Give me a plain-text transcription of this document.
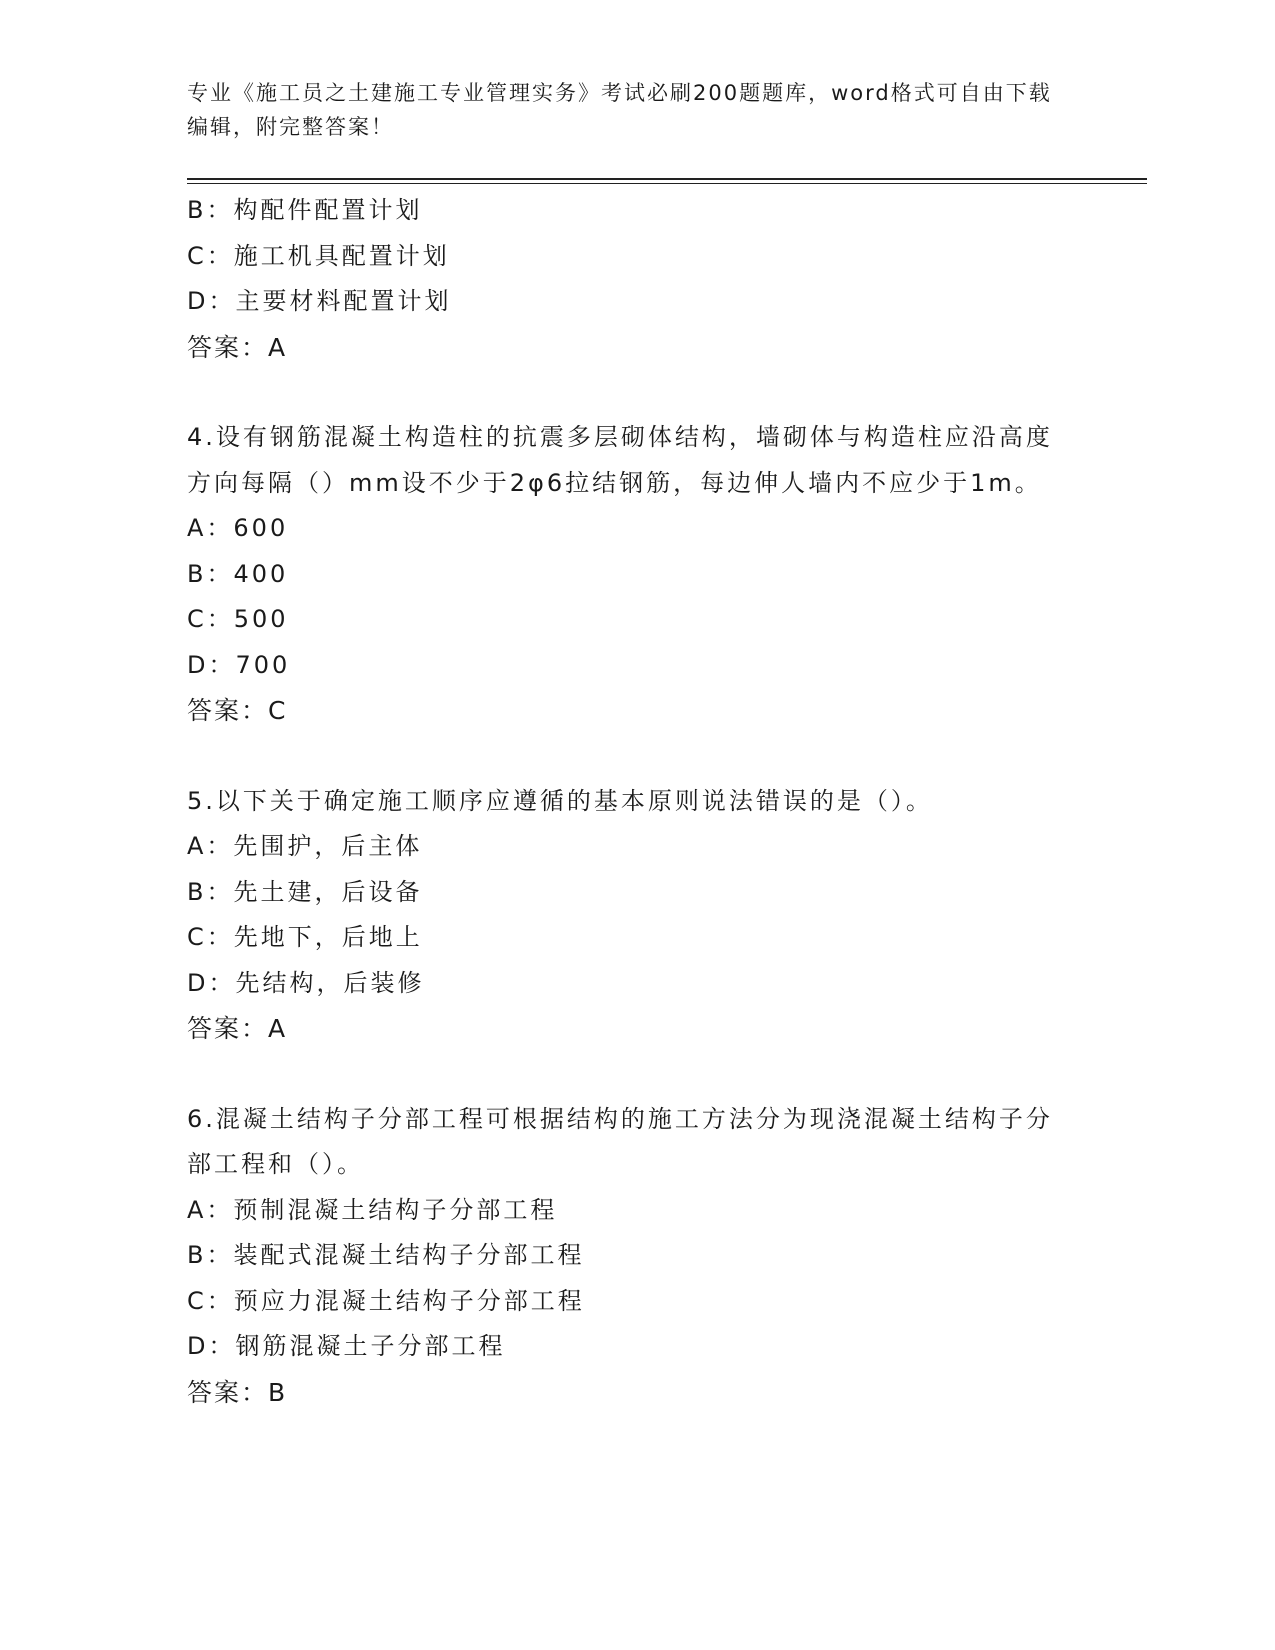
专业《施工员之土建施工专业管理实务》考试必刷200题题库，word格式可自由下载编辑，附完整答案！
B：构配件配置计划
C：施工机具配置计划
D：主要材料配置计划
答案：A
4.设有钢筋混凝土构造柱的抗震多层砌体结构，墙砌体与构造柱应沿高度方向每隔（）mm设不少于2φ6拉结钢筋，每边伸人墙内不应少于1m。
A：600
B：400
C：500
D：700
答案：C
5.以下关于确定施工顺序应遵循的基本原则说法错误的是（）。
A：先围护，后主体
B：先土建，后设备
C：先地下，后地上
D：先结构，后装修
答案：A
6.混凝土结构子分部工程可根据结构的施工方法分为现浇混凝土结构子分部工程和（）。
A：预制混凝土结构子分部工程
B：装配式混凝土结构子分部工程
C：预应力混凝土结构子分部工程
D：钢筋混凝土子分部工程
答案：B
